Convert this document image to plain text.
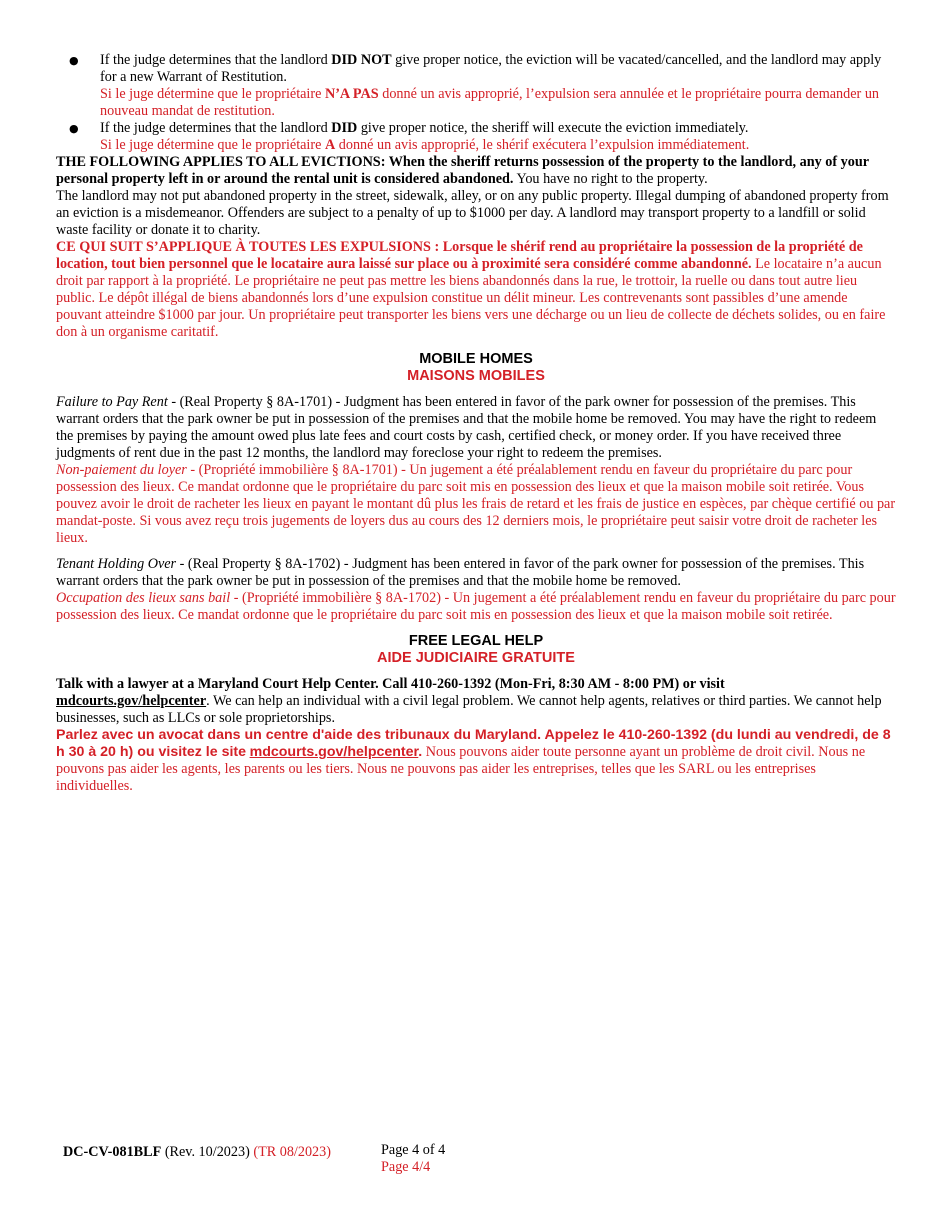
● If the judge determines that the landlord DID NOT give proper notice, the eviction will be vacated/cancelled, and the landlord may apply for a new Warrant of Restitution.
Si le juge détermine que le propriétaire N’A PAS donné un avis approprié, l’expulsion sera annulée et le propriétaire pourra demander un nouveau mandat de restitution.
● If the judge determines that the landlord DID give proper notice, the sheriff will execute the eviction immediately.
Si le juge détermine que le propriétaire A donné un avis approprié, le shérif exécutera l’expulsion immédiatement.

THE FOLLOWING APPLIES TO ALL EVICTIONS: When the sheriff returns possession of the property to the landlord, any of your personal property left in or around the rental unit is considered abandoned. You have no right to the property.

The landlord may not put abandoned property in the street, sidewalk, alley, or on any public property. Illegal dumping of abandoned property from an eviction is a misdemeanor. Offenders are subject to a penalty of up to $1000 per day. A landlord may transport property to a landfill or solid waste facility or donate it to charity.

CE QUI SUIT S’APPLIQUE À TOUTES LES EXPULSIONS : Lorsque le shérif rend au propriétaire la possession de la propriété de location, tout bien personnel que le locataire aura laissé sur place ou à proximité sera considéré comme abandonné. Le locataire n’a aucun droit par rapport à la propriété. Le propriétaire ne peut pas mettre les biens abandonnés dans la rue, le trottoir, la ruelle ou dans tout autre lieu public. Le dépôt illégal de biens abandonnés lors d’une expulsion constitue un délit mineur. Les contrevenants sont passibles d’une amende pouvant atteindre $1000 par jour. Un propriétaire peut transporter les biens vers une décharge ou un lieu de collecte de déchets solides, ou en faire don à un organisme caritatif.

MOBILE HOMES
MAISONS MOBILES

Failure to Pay Rent - (Real Property § 8A-1701) - Judgment has been entered in favor of the park owner for possession of the premises. This warrant orders that the park owner be put in possession of the premises and that the mobile home be removed. You may have the right to redeem the premises by paying the amount owed plus late fees and court costs by cash, certified check, or money order. If you have received three judgments of rent due in the past 12 months, the landlord may foreclose your right to redeem the premises.

Non-paiement du loyer - (Propriété immobilière § 8A-1701) - Un jugement a été préalablement rendu en faveur du propriétaire du parc pour possession des lieux. Ce mandat ordonne que le propriétaire du parc soit mis en possession des lieux et que la maison mobile soit retirée. Vous pouvez avoir le droit de racheter les lieux en payant le montant dû plus les frais de retard et les frais de justice en espèces, par chèque certifié ou par mandat-poste. Si vous avez reçu trois jugements de loyers dus au cours des 12 derniers mois, le propriétaire peut saisir votre droit de racheter les lieux.

Tenant Holding Over - (Real Property § 8A-1702) - Judgment has been entered in favor of the park owner for possession of the premises. This warrant orders that the park owner be put in possession of the premises and that the mobile home be removed.

Occupation des lieux sans bail - (Propriété immobilière § 8A-1702) - Un jugement a été préalablement rendu en faveur du propriétaire du parc pour possession des lieux. Ce mandat ordonne que le propriétaire du parc soit mis en possession des lieux et que la maison mobile soit retirée.

FREE LEGAL HELP
AIDE JUDICIAIRE GRATUITE

Talk with a lawyer at a Maryland Court Help Center. Call 410-260-1392 (Mon-Fri, 8:30 AM - 8:00 PM) or visit
mdcourts.gov/helpcenter. We can help an individual with a civil legal problem. We cannot help agents, relatives or third parties. We cannot help businesses, such as LLCs or sole proprietorships.

Parlez avec un avocat dans un centre d'aide des tribunaux du Maryland. Appelez le 410-260-1392 (du lundi au vendredi, de 8 h 30 à 20 h) ou visitez le site mdcourts.gov/helpcenter. Nous pouvons aider toute personne ayant un problème de droit civil. Nous ne pouvons pas aider les agents, les parents ou les tiers. Nous ne pouvons pas aider les entreprises, telles que les SARL ou les entreprises individuelles.

DC-CV-081BLF (Rev. 10/2023) (TR 08/2023)	Page 4 of 4
Page 4/4
